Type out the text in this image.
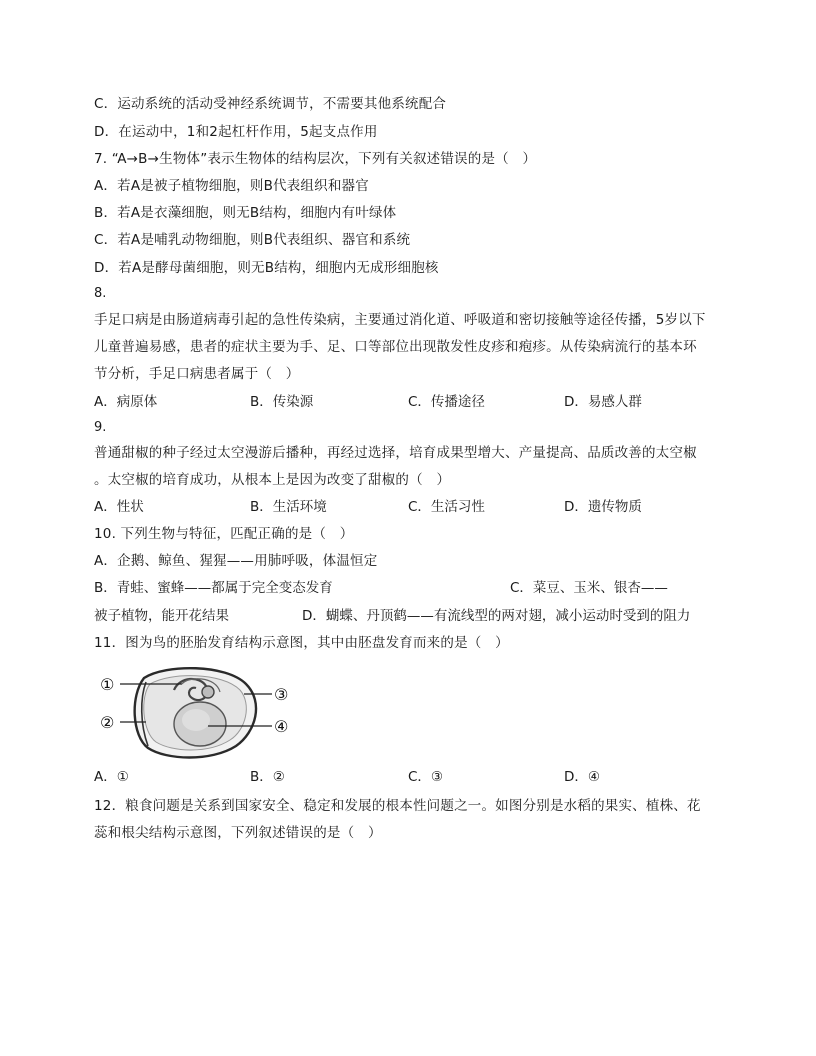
C．运动系统的活动受神经系统调节，不需要其他系统配合
D．在运动中，1和2起杠杆作用，5起支点作用
7. “A→B→生物体”表示生物体的结构层次，下列有关叙述错误的是（　）
A．若A是被子植物细胞，则B代表组织和器官
B．若A是衣藻细胞，则无B结构，细胞内有叶绿体
C．若A是哺乳动物细胞，则B代表组织、器官和系统
D．若A是酵母菌细胞，则无B结构，细胞内无成形细胞核
8.
手足口病是由肠道病毒引起的急性传染病，主要通过消化道、呼吸道和密切接触等途径传播，5岁以下
儿童普遍易感，患者的症状主要为手、足、口等部位出现散发性皮疹和疱疹。从传染病流行的基本环
节分析，手足口病患者属于（　）
A．病原体	B．传染源	C．传播途径	D．易感人群
9.
普通甜椒的种子经过太空漫游后播种，再经过选择，培育成果型增大、产量提高、品质改善的太空椒
。太空椒的培育成功，从根本上是因为改变了甜椒的（　）
A．性状	B．生活环境	C．生活习性	D．遗传物质
10. 下列生物与特征，匹配正确的是（　）
A．企鹅、鲸鱼、猩猩——用肺呼吸，体温恒定
B．青蛙、蜜蜂——都属于完全变态发育	C．菜豆、玉米、银杏——
被子植物，能开花结果	D．蝴蝶、丹顶鹤——有流线型的两对翅，减小运动时受到的阻力
11．图为鸟的胚胎发育结构示意图，其中由胚盘发育而来的是（　）
①
②
③
④
A．①	B．②	C．③	D．④
12．粮食问题是关系到国家安全、稳定和发展的根本性问题之一。如图分别是水稻的果实、植株、花
蕊和根尖结构示意图，下列叙述错误的是（　）
